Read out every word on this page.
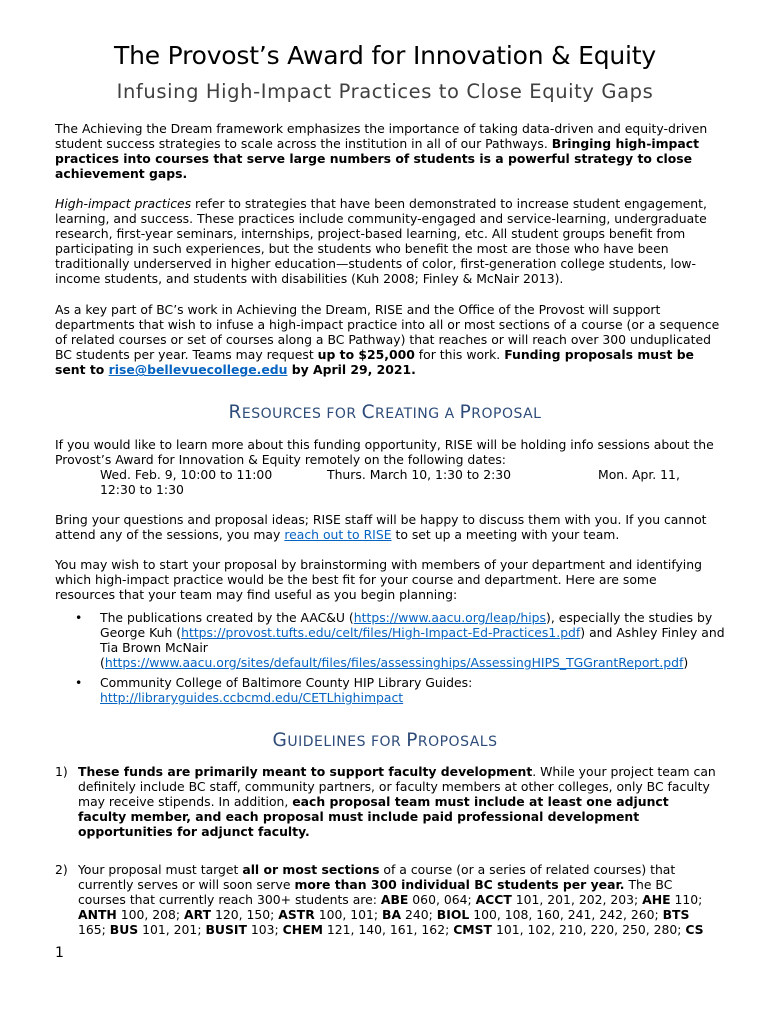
The Provost’s Award for Innovation & Equity
Infusing High-Impact Practices to Close Equity Gaps
The Achieving the Dream framework emphasizes the importance of taking data-driven and equity-driven student success strategies to scale across the institution in all of our Pathways. Bringing high-impact practices into courses that serve large numbers of students is a powerful strategy to close achievement gaps.
High-impact practices refer to strategies that have been demonstrated to increase student engagement, learning, and success. These practices include community-engaged and service-learning, undergraduate research, first-year seminars, internships, project-based learning, etc. All student groups benefit from participating in such experiences, but the students who benefit the most are those who have been traditionally underserved in higher education—students of color, first-generation college students, low-income students, and students with disabilities (Kuh 2008; Finley & McNair 2013).
As a key part of BC’s work in Achieving the Dream, RISE and the Office of the Provost will support departments that wish to infuse a high-impact practice into all or most sections of a course (or a sequence of related courses or set of courses along a BC Pathway) that reaches or will reach over 300 unduplicated BC students per year. Teams may request up to $25,000 for this work. Funding proposals must be sent to rise@bellevuecollege.edu by April 29, 2021.
RESOURCES FOR CREATING A PROPOSAL
If you would like to learn more about this funding opportunity, RISE will be holding info sessions about the Provost’s Award for Innovation & Equity remotely on the following dates:
Wed. Feb. 9, 10:00 to 11:00	Thurs. March 10, 1:30 to 2:30	Mon. Apr. 11,
12:30 to 1:30
Bring your questions and proposal ideas; RISE staff will be happy to discuss them with you. If you cannot attend any of the sessions, you may reach out to RISE to set up a meeting with your team.
You may wish to start your proposal by brainstorming with members of your department and identifying which high-impact practice would be the best fit for your course and department. Here are some resources that your team may find useful as you begin planning:
•	The publications created by the AAC&U (https://www.aacu.org/leap/hips), especially the studies by George Kuh (https://provost.tufts.edu/celt/files/High-Impact-Ed-Practices1.pdf) and Ashley Finley and Tia Brown McNair (https://www.aacu.org/sites/default/files/files/assessinghips/AssessingHIPS_TGGrantReport.pdf)
•	Community College of Baltimore County HIP Library Guides:
http://libraryguides.ccbcmd.edu/CETLhighimpact
GUIDELINES FOR PROPOSALS
1) These funds are primarily meant to support faculty development. While your project team can definitely include BC staff, community partners, or faculty members at other colleges, only BC faculty may receive stipends. In addition, each proposal team must include at least one adjunct faculty member, and each proposal must include paid professional development opportunities for adjunct faculty.
2) Your proposal must target all or most sections of a course (or a series of related courses) that currently serves or will soon serve more than 300 individual BC students per year. The BC courses that currently reach 300+ students are: ABE 060, 064; ACCT 101, 201, 202, 203; AHE 110; ANTH 100, 208; ART 120, 150; ASTR 100, 101; BA 240; BIOL 100, 108, 160, 241, 242, 260; BTS 165; BUS 101, 201; BUSIT 103; CHEM 121, 140, 161, 162; CMST 101, 102, 210, 220, 250, 280; CS
1
